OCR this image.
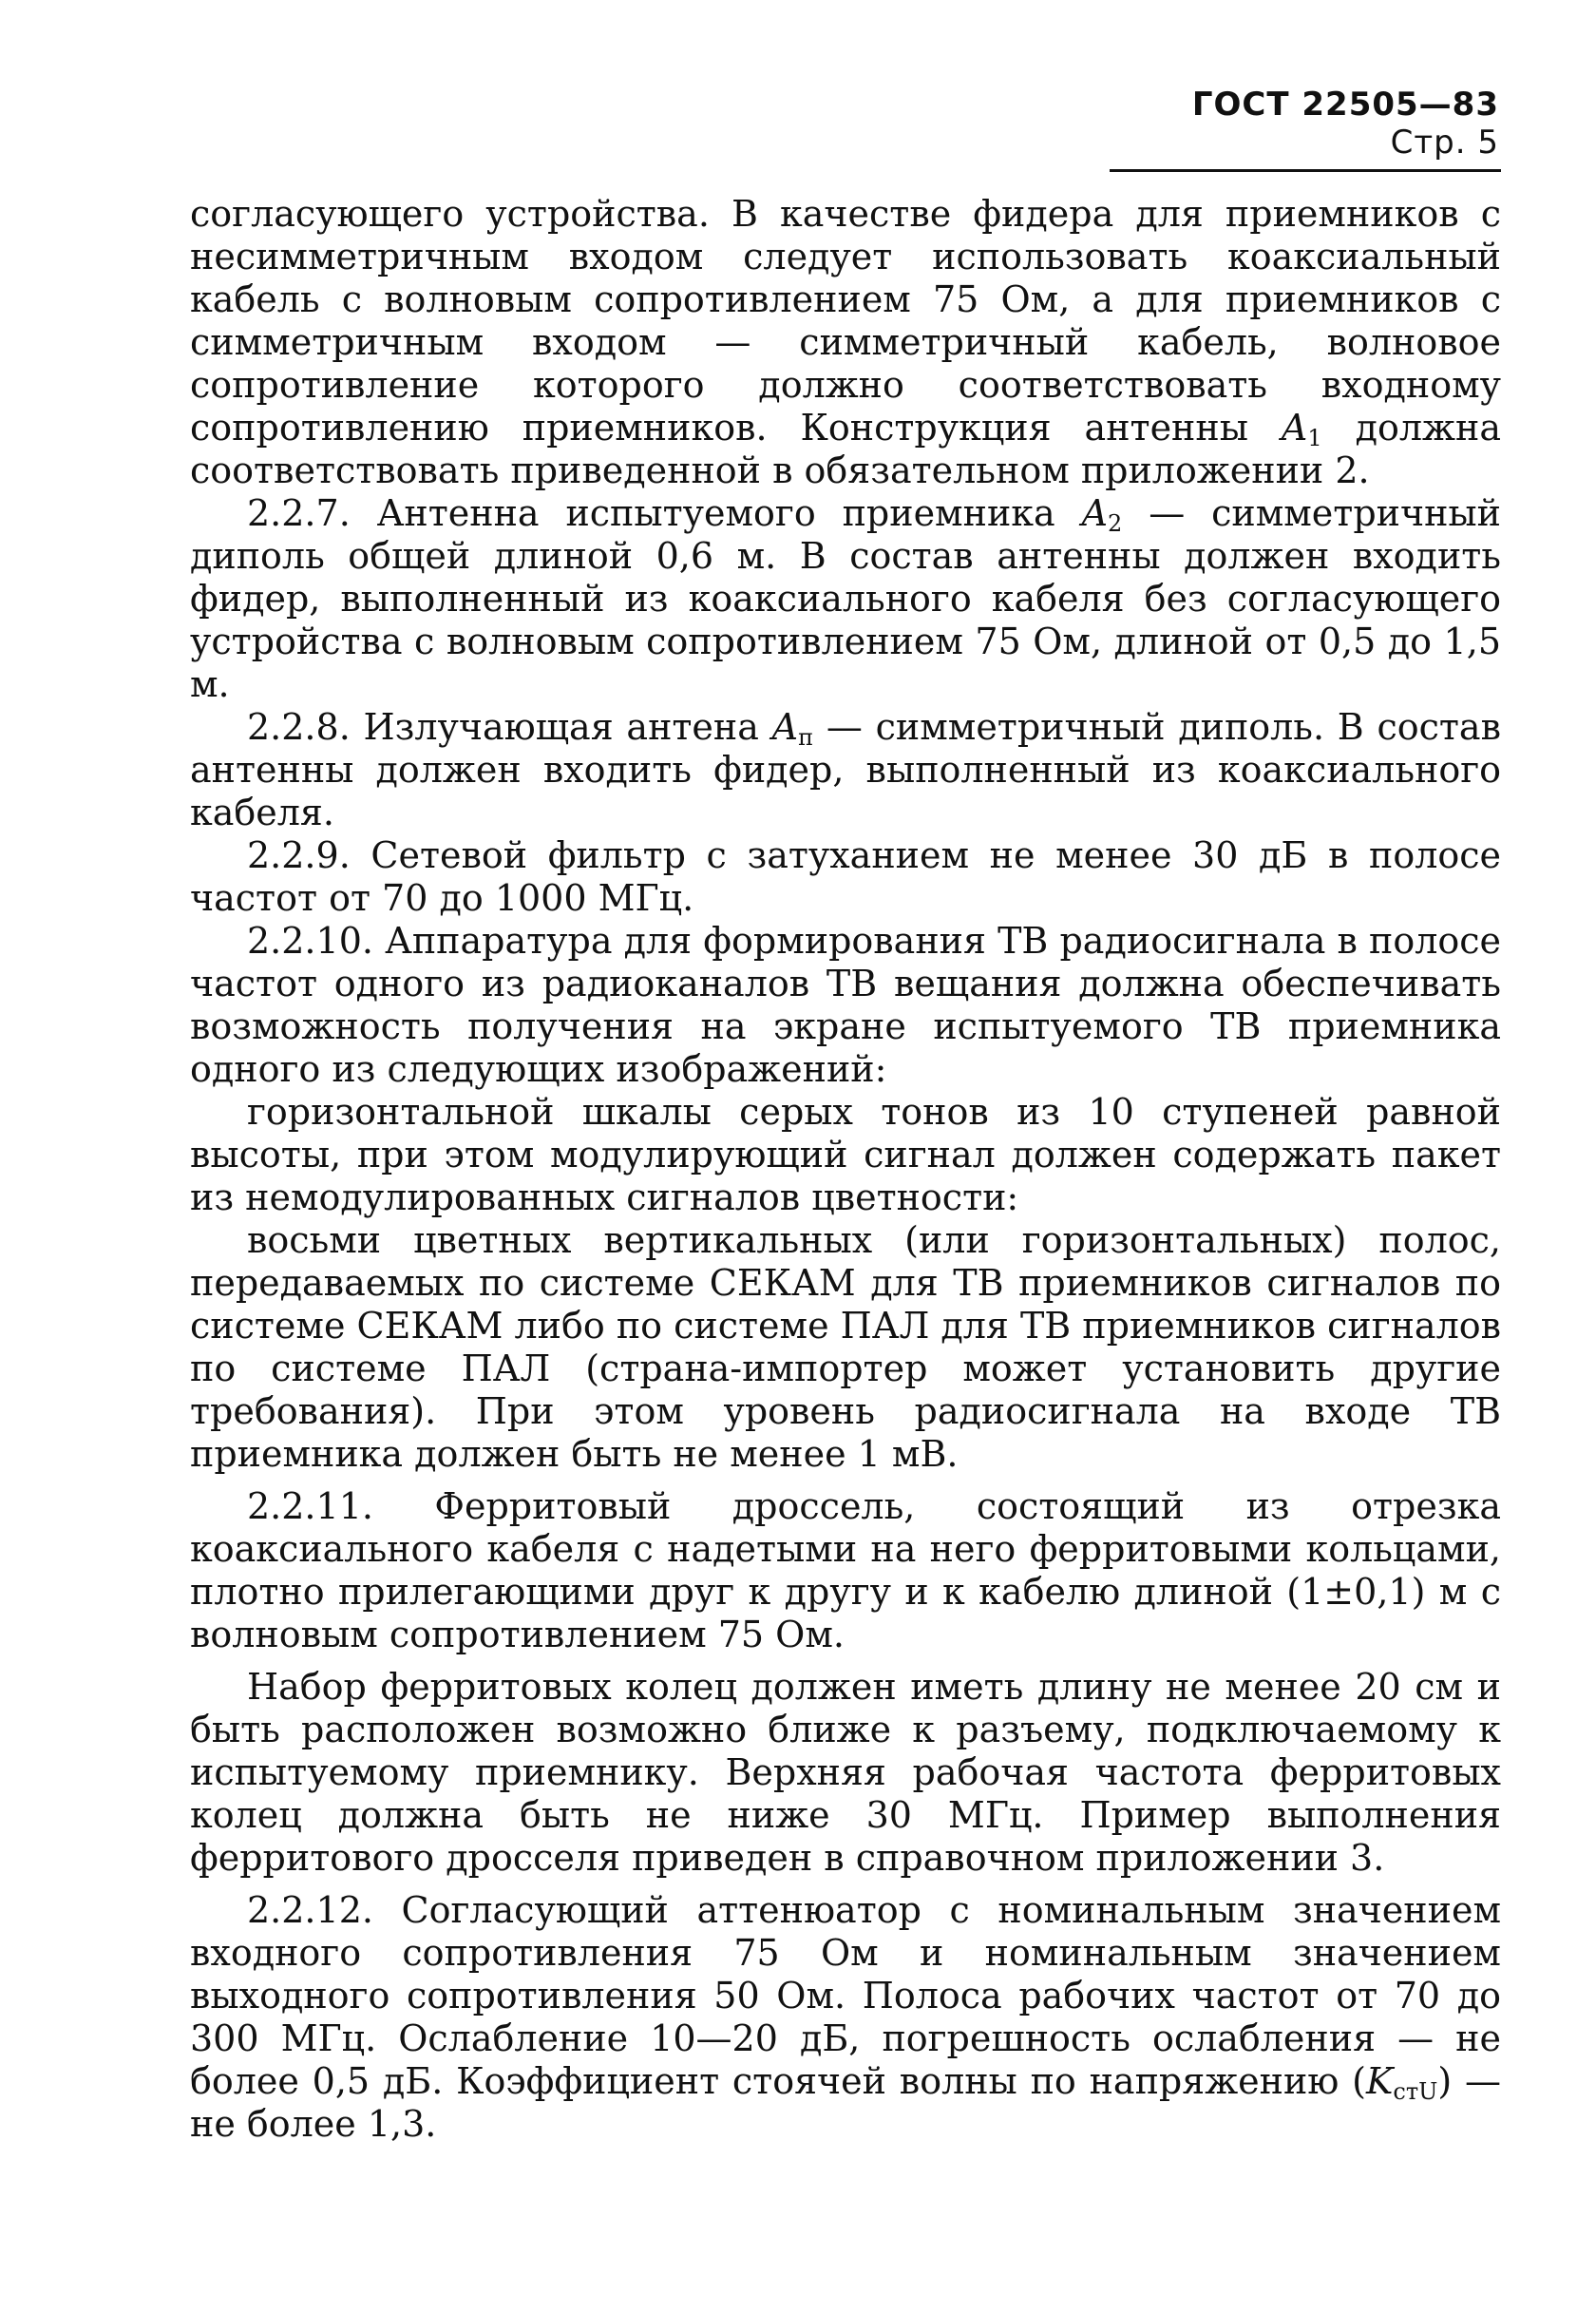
ГОСТ 22505—83 Стр. 5

согласующего устройства. В качестве фидера для приемников с несимметричным входом следует использовать коаксиальный кабель с волновым сопротивлением 75 Ом, а для приемников с симметричным входом — симметричный кабель, волновое сопротивление которого должно соответствовать входному сопротивлению приемников. Конструкция антенны $A_1$ должна соответствовать приведенной в обязательном приложении 2.

2.2.7. Антенна испытуемого приемника $A_2$ — симметричный диполь общей длиной 0,6 м. В состав антенны должен входить фидер, выполненный из коаксиального кабеля без согласующего устройства с волновым сопротивлением 75 Ом, длиной от 0,5 до 1,5 м.

2.2.8. Излучающая антена $A_п$ — симметричный диполь. В состав антенны должен входить фидер, выполненный из коаксиального кабеля.

2.2.9. Сетевой фильтр с затуханием не менее 30 дБ в полосе частот от 70 до 1000 МГц.

2.2.10. Аппаратура для формирования ТВ радиосигнала в полосе частот одного из радиоканалов ТВ вещания должна обеспечивать возможность получения на экране испытуемого ТВ приемника одного из следующих изображений:

горизонтальной шкалы серых тонов из 10 ступеней равной высоты, при этом модулирующий сигнал должен содержать пакет из немодулированных сигналов цветности:

восьми цветных вертикальных (или горизонтальных) полос, передаваемых по системе СЕКАМ для ТВ приемников сигналов по системе СЕКАМ либо по системе ПАЛ для ТВ приемников сигналов по системе ПАЛ (страна-импортер может установить другие требования). При этом уровень радиосигнала на входе ТВ приемника должен быть не менее 1 мВ.

2.2.11. Ферритовый дроссель, состоящий из отрезка коаксиального кабеля с надетыми на него ферритовыми кольцами, плотно прилегающими друг к другу и к кабелю длиной (1±0,1) м с волновым сопротивлением 75 Ом.

Набор ферритовых колец должен иметь длину не менее 20 см и быть расположен возможно ближе к разъему, подключаемому к испытуемому приемнику. Верхняя рабочая частота ферритовых колец должна быть не ниже 30 МГц. Пример выполнения ферритового дросселя приведен в справочном приложении 3.

2.2.12. Согласующий аттенюатор с номинальным значением входного сопротивления 75 Ом и номинальным значением выходного сопротивления 50 Ом. Полоса рабочих частот от 70 до 300 МГц. Ослабление 10—20 дБ, погрешность ослабления — не более 0,5 дБ. Коэффициент стоячей волны по напряжению $(K_{стU})$ — не более 1,3.
